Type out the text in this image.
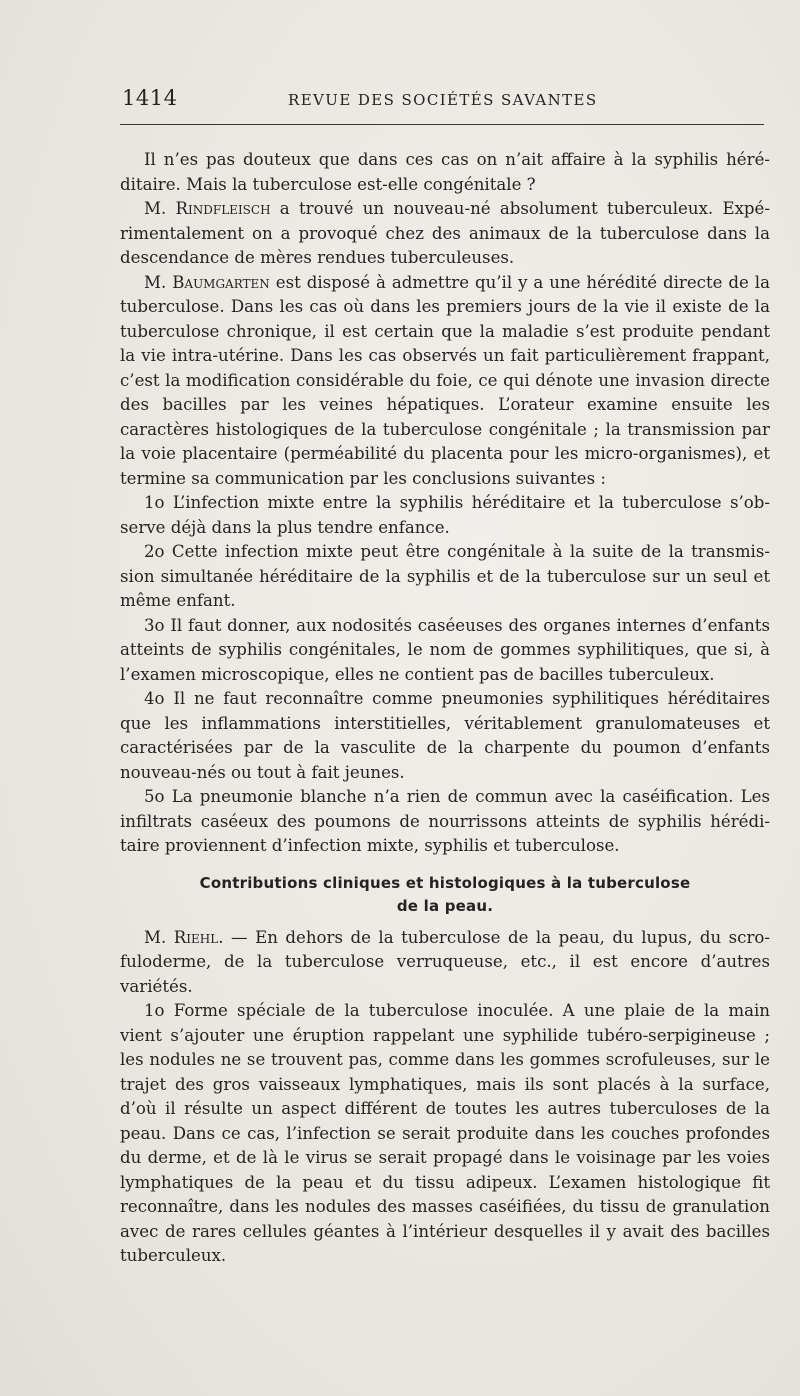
1414	REVUE DES SOCIÉTÉS SAVANTES

Il n’es pas douteux que dans ces cas on n’ait affaire à la syphilis héréditaire. Mais la tuberculose est-elle congénitale ?

M. Rindfleisch a trouvé un nouveau-né absolument tuberculeux. Expérimentalement on a provoqué chez des animaux de la tuberculose dans la descendance de mères rendues tuberculeuses.

M. Baumgarten est disposé à admettre qu’il y a une hérédité directe de la tuberculose. Dans les cas où dans les premiers jours de la vie il existe de la tuberculose chronique, il est certain que la maladie s’est produite pendant la vie intra-utérine. Dans les cas observés un fait particulièrement frappant, c’est la modification considérable du foie, ce qui dénote une invasion directe des bacilles par les veines hépatiques. L’orateur examine ensuite les caractères histologiques de la tuberculose congénitale ; la transmission par la voie placentaire (perméabilité du placenta pour les micro-organismes), et termine sa communication par les conclusions suivantes :

1o L’infection mixte entre la syphilis héréditaire et la tuberculose s’observe déjà dans la plus tendre enfance.

2o Cette infection mixte peut être congénitale à la suite de la transmission simultanée héréditaire de la syphilis et de la tuberculose sur un seul et même enfant.

3o Il faut donner, aux nodosités caséeuses des organes internes d’enfants atteints de syphilis congénitales, le nom de gommes syphilitiques, que si, à l’examen microscopique, elles ne contient pas de bacilles tuberculeux.

4o Il ne faut reconnaître comme pneumonies syphilitiques héréditaires que les inflammations interstitielles, véritablement granulomateuses et caractérisées par de la vasculite de la charpente du poumon d’enfants nouveau-nés ou tout à fait jeunes.

5o La pneumonie blanche n’a rien de commun avec la caséification. Les infiltrats caséeux des poumons de nourrissons atteints de syphilis héréditaire proviennent d’infection mixte, syphilis et tuberculose.

Contributions cliniques et histologiques à la tuberculose
de la peau.

M. Riehl. — En dehors de la tuberculose de la peau, du lupus, du scrofuloderme, de la tuberculose verruqueuse, etc., il est encore d’autres variétés.

1o Forme spéciale de la tuberculose inoculée. A une plaie de la main vient s’ajouter une éruption rappelant une syphilide tubéro-serpigineuse ; les nodules ne se trouvent pas, comme dans les gommes scrofuleuses, sur le trajet des gros vaisseaux lymphatiques, mais ils sont placés à la surface, d’où il résulte un aspect différent de toutes les autres tuberculoses de la peau. Dans ce cas, l’infection se serait produite dans les couches profondes du derme, et de là le virus se serait propagé dans le voisinage par les voies lymphatiques de la peau et du tissu adipeux. L’examen histologique fit reconnaître, dans les nodules des masses caséifiées, du tissu de granulation avec de rares cellules géantes à l’intérieur desquelles il y avait des bacilles tuberculeux.
